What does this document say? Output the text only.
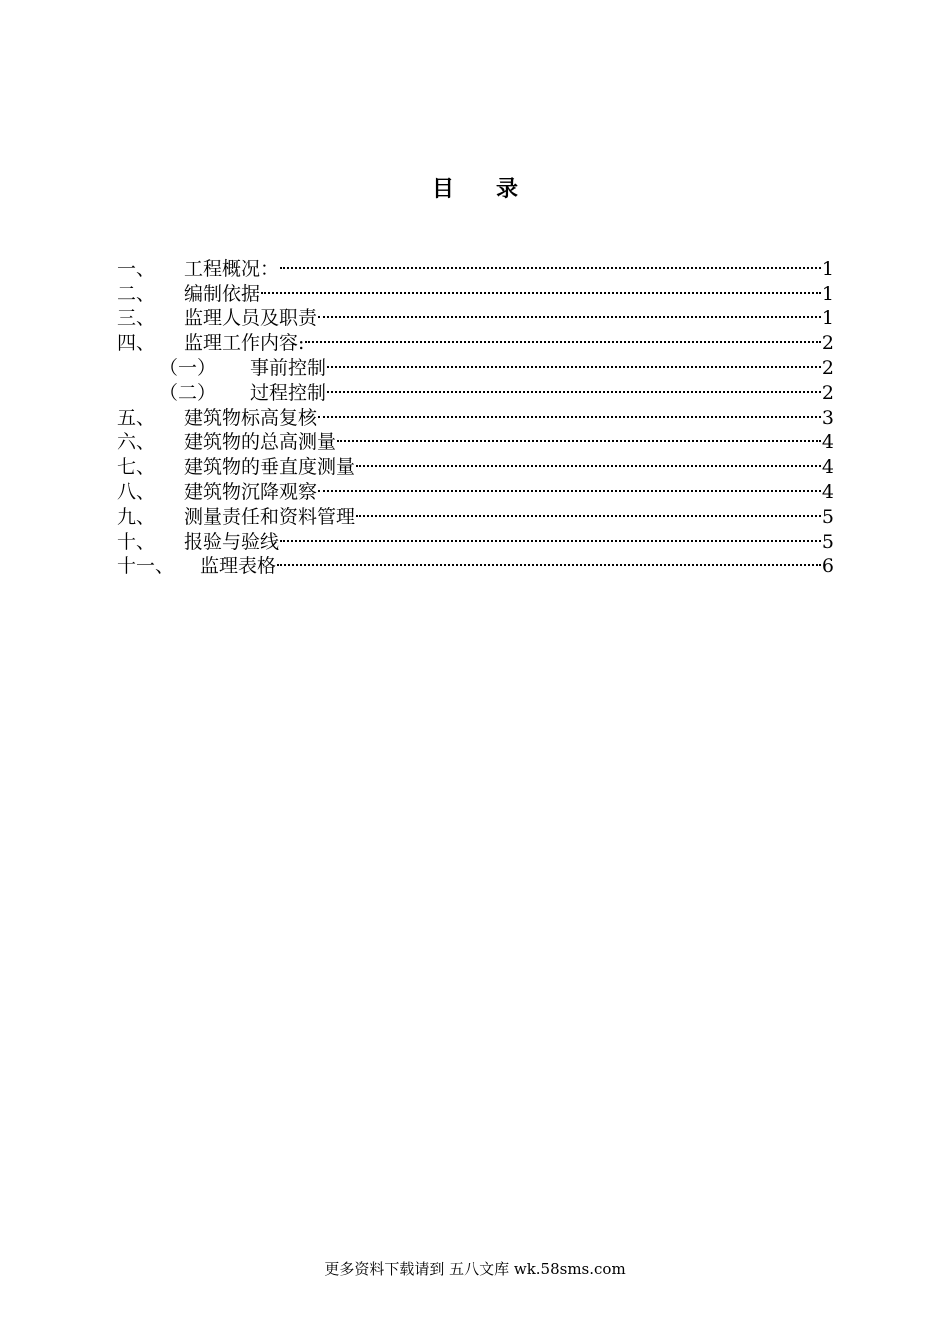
目 录
一、	工程概况：	1
二、	编制依据	1
三、	监理人员及职责	1
四、	监理工作内容:	2
（一）	事前控制	2
（二）	过程控制	2
五、	建筑物标高复核	3
六、	建筑物的总高测量	4
七、	建筑物的垂直度测量	4
八、	建筑物沉降观察	4
九、	测量责任和资料管理	5
十、	报验与验线	5
十一、	监理表格	6
更多资料下载请到 五八文库 wk.58sms.com
